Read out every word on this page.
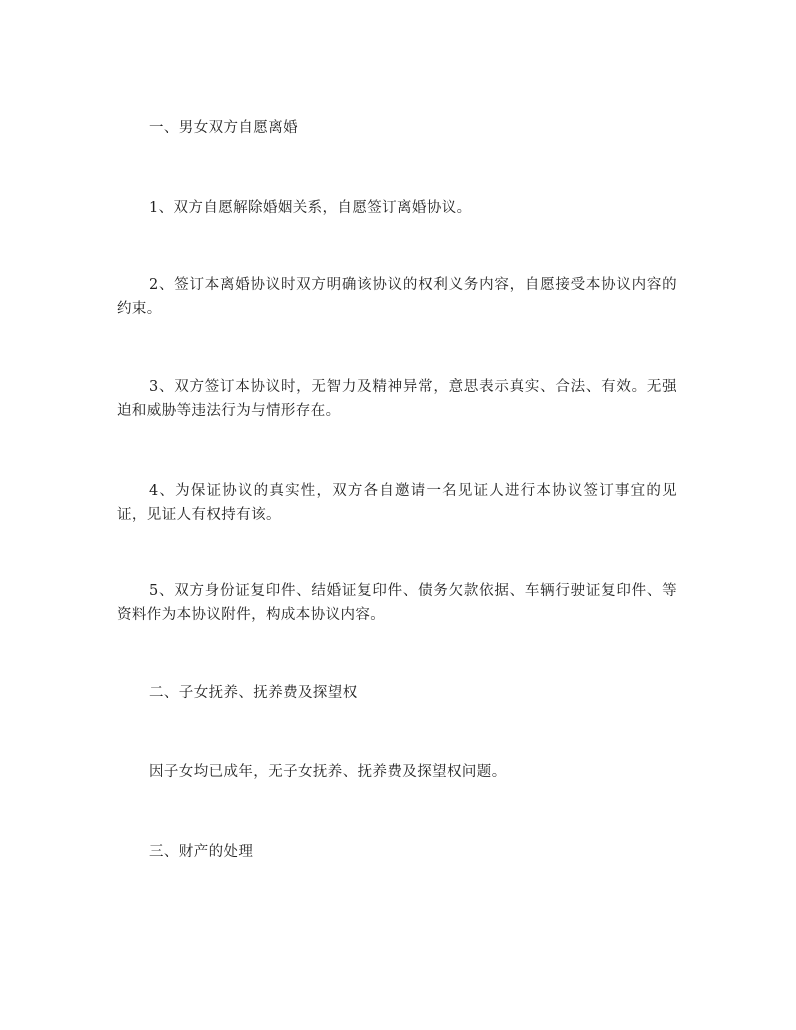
一、男女双方自愿离婚

1、双方自愿解除婚姻关系，自愿签订离婚协议。

2、签订本离婚协议时双方明确该协议的权利义务内容，自愿接受本协议内容的约束。

3、双方签订本协议时，无智力及精神异常，意思表示真实、合法、有效。无强迫和威胁等违法行为与情形存在。

4、为保证协议的真实性，双方各自邀请一名见证人进行本协议签订事宜的见证，见证人有权持有该。

5、双方身份证复印件、结婚证复印件、债务欠款依据、车辆行驶证复印件、等资料作为本协议附件，构成本协议内容。

二、子女抚养、抚养费及探望权

因子女均已成年，无子女抚养、抚养费及探望权问题。

三、财产的处理
